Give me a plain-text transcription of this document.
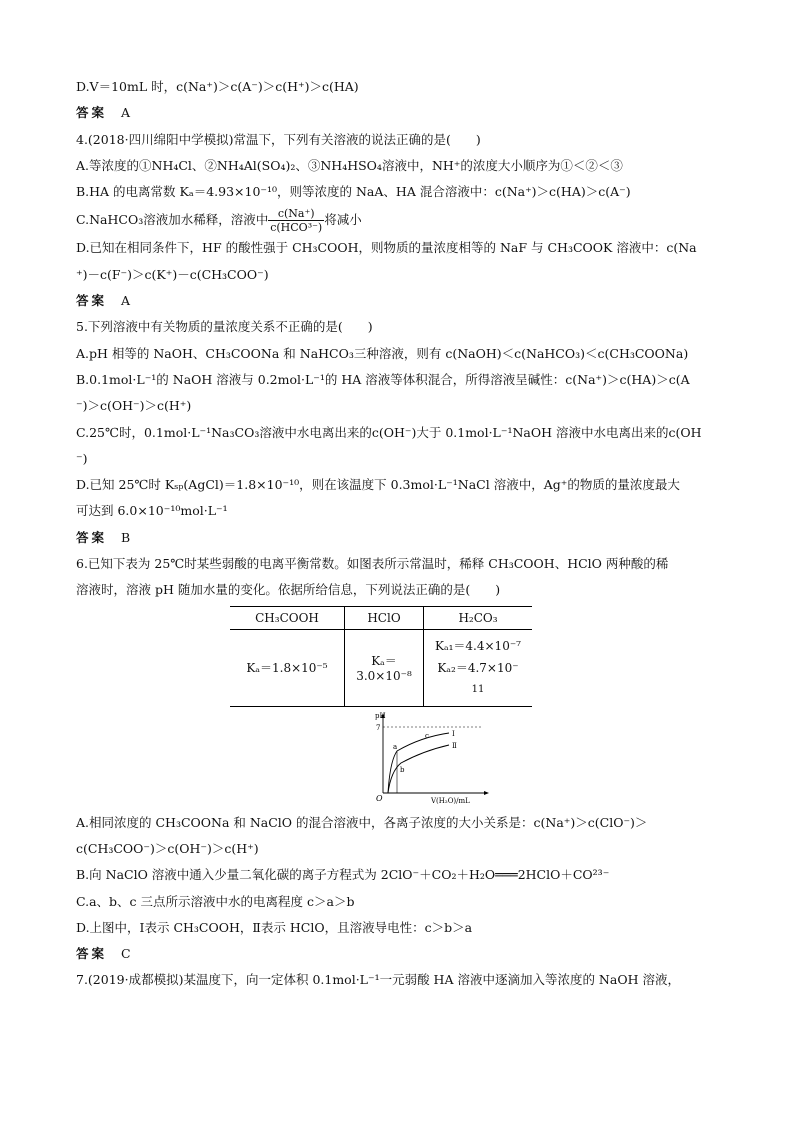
D.V＝10mL 时，c(Na⁺)＞c(A⁻)＞c(H⁺)＞c(HA)
答案 A
4.(2018·四川绵阳中学模拟)常温下，下列有关溶液的说法正确的是(　　)
A.等浓度的①NH₄Cl、②NH₄Al(SO₄)₂、③NH₄HSO₄溶液中，NH⁺的浓度大小顺序为①＜②＜③
B.HA 的电离常数 Kₐ＝4.93×10⁻¹⁰，则等浓度的 NaA、HA 混合溶液中：c(Na⁺)＞c(HA)＞c(A⁻)
C.NaHCO₃溶液加水稀释，溶液中 $\frac{c(Na^+)}{\text{c(HCO³⁻)}}$ 将减小
D.已知在相同条件下，HF 的酸性强于 CH₃COOH，则物质的量浓度相等的 NaF 与 CH₃COOK 溶液中：c(Na
⁺)－c(F⁻)＞c(K⁺)－c(CH₃COO⁻)
答案 A
5.下列溶液中有关物质的量浓度关系不正确的是(　　)
A.pH 相等的 NaOH、CH₃COONa 和 NaHCO₃三种溶液，则有 c(NaOH)＜c(NaHCO₃)＜c(CH₃COONa)
B.0.1mol·L⁻¹的 NaOH 溶液与 0.2mol·L⁻¹的 HA 溶液等体积混合，所得溶液呈碱性：c(Na⁺)＞c(HA)＞c(A
⁻)＞c(OH⁻)＞c(H⁺)
C.25℃时，0.1mol·L⁻¹Na₃CO₃溶液中水电离出来的c(OH⁻)大于 0.1mol·L⁻¹NaOH 溶液中水电离出来的c(OH
⁻)
D.已知 25℃时 Kₛₚ(AgCl)＝1.8×10⁻¹⁰，则在该温度下 0.3mol·L⁻¹NaCl 溶液中，Ag⁺的物质的量浓度最大
可达到 6.0×10⁻¹⁰mol·L⁻¹
答案 B
6.已知下表为 25℃时某些弱酸的电离平衡常数。如图表所示常温时，稀释 CH₃COOH、HClO 两种酸的稀
溶液时，溶液 pH 随加水量的变化。依据所给信息，下列说法正确的是(　　)
CH₃COOH	HClO	H₂CO₃
Kₐ＝1.8×10⁻⁵	Kₐ＝3.0×10⁻⁸	Kₐ₁＝4.4×10⁻⁷
Kₐ₂＝4.7×10⁻
11
pH
7
O	V(H₂O)/mL
Ⅰ
Ⅱ
a
b
c
A.相同浓度的 CH₃COONa 和 NaClO 的混合溶液中，各离子浓度的大小关系是：c(Na⁺)＞c(ClO⁻)＞
c(CH₃COO⁻)＞c(OH⁻)＞c(H⁺)
B.向 NaClO 溶液中通入少量二氧化碳的离子方程式为 2ClO⁻＋CO₂＋H₂O═══2HClO＋CO²³⁻
C.a、b、c 三点所示溶液中水的电离程度 c＞a＞b
D.上图中，Ⅰ表示 CH₃COOH，Ⅱ表示 HClO，且溶液导电性：c＞b＞a
答案 C
7.(2019·成都模拟)某温度下，向一定体积 0.1mol·L⁻¹一元弱酸 HA 溶液中逐滴加入等浓度的 NaOH 溶液，
